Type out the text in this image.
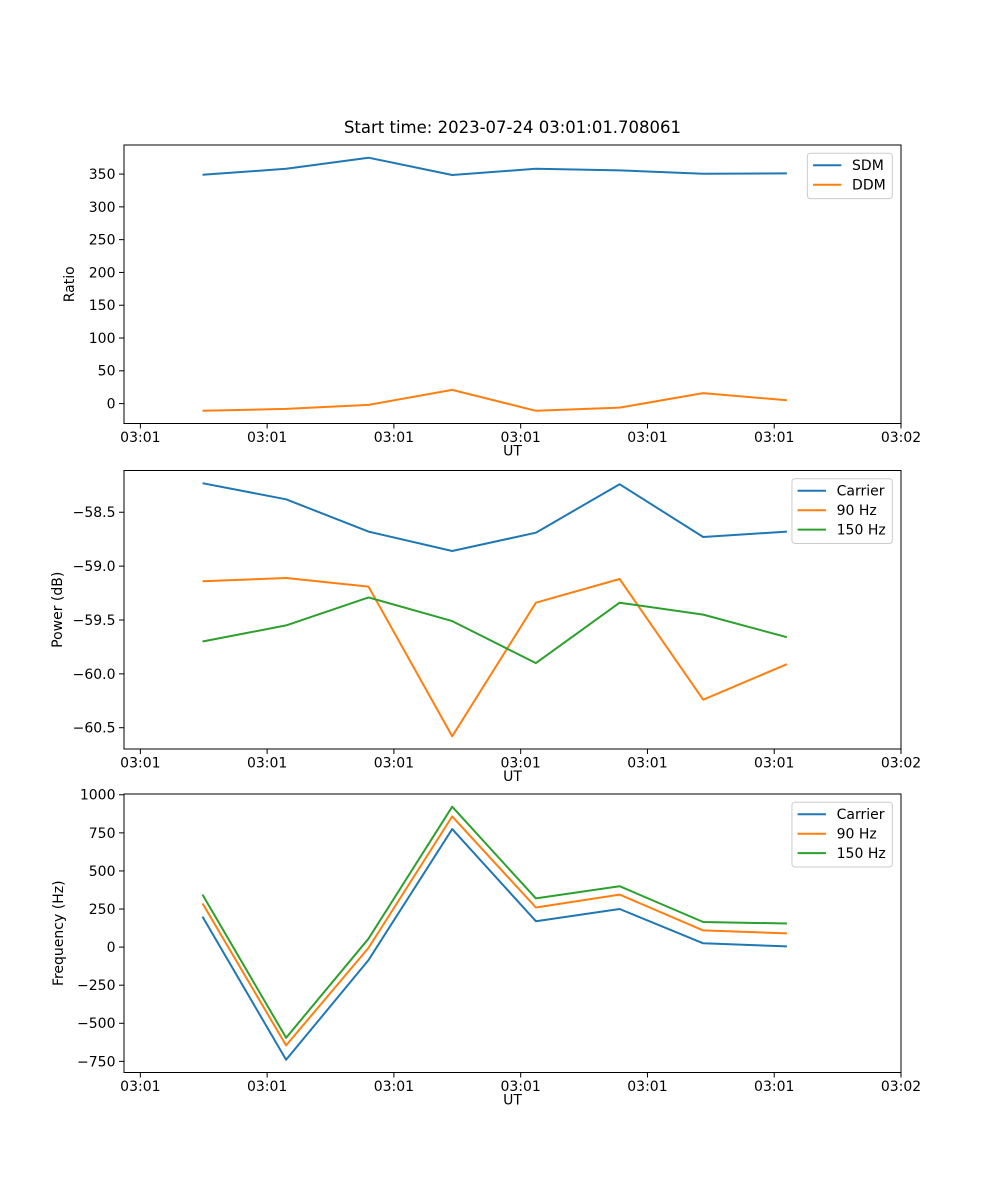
Start time: 2023-07-24 03:01:01.708061
03:01	03:01	03:01	03:01	03:01	03:01	03:02
0
50
100
150
200
250
300
350
Ratio
UT
SDM
DDM
03:01	03:01	03:01	03:01	03:01	03:01	03:02
−58.5
−59.0
−59.5
−60.0
−60.5
Power (dB)
UT
Carrier
90 Hz
150 Hz
03:01	03:01	03:01	03:01	03:01	03:01	03:02
1000
750
500
250
0
−250
−500
−750
Frequency (Hz)
UT
Carrier
90 Hz
150 Hz
